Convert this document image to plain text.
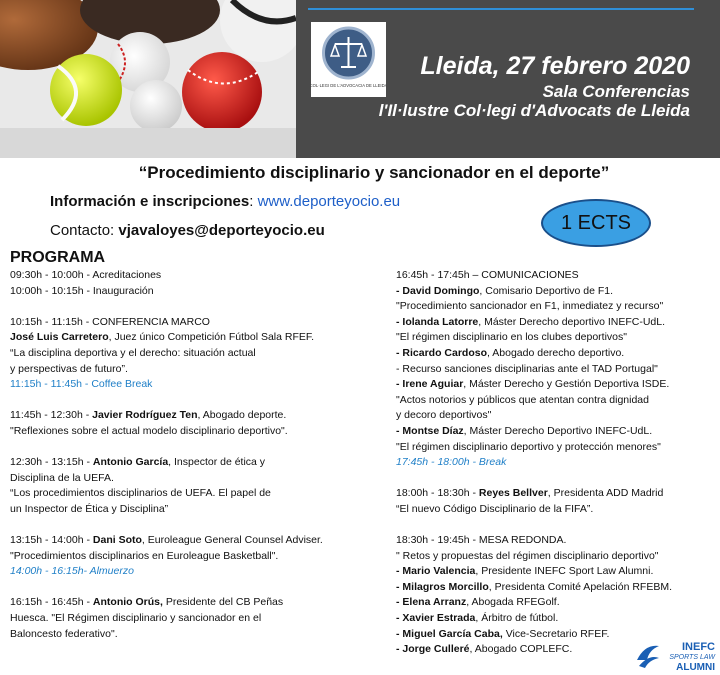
COL·LEGI DE L'ADVOCACIA DE LLEIDA
Lleida, 27 febrero 2020
Sala Conferencias
l'Il·lustre Col·legi d'Advocats de Lleida
“Procedimiento disciplinario y sancionador en el deporte”
Información e inscripciones: www.deporteyocio.eu
Contacto: vjavaloyes@deporteyocio.eu	1 ECTS
PROGRAMA

09:30h - 10:00h - Acreditaciones

10:00h - 10:15h - Inauguración

10:15h - 11:15h - CONFERENCIA MARCO

José Luis Carretero, Juez único Competición Fútbol Sala RFEF.

“La disciplina deportiva y el derecho: situación actual

y perspectivas de futuro”.

11:15h - 11:45h - Coffee Break

11:45h - 12:30h - Javier Rodríguez Ten, Abogado deporte.

"Reflexiones sobre el actual modelo disciplinario deportivo".

12:30h - 13:15h - Antonio García, Inspector de ética y

Disciplina de la UEFA.

“Los procedimientos disciplinarios de UEFA. El papel de

un Inspector de Ética y Disciplina”

13:15h - 14:00h - Dani Soto, Euroleague General Counsel Adviser.

"Procedimientos disciplinarios en Euroleague Basketball".

14:00h - 16:15h- Almuerzo

16:15h - 16:45h - Antonio Orús, Presidente del CB Peñas

Huesca. "El Régimen disciplinario y sancionador en el

Baloncesto federativo".

16:45h - 17:45h – COMUNICACIONES

- David Domingo, Comisario Deportivo de F1.

"Procedimiento sancionador en F1, inmediatez y recurso"

- Iolanda Latorre, Máster Derecho deportivo INEFC-UdL.

"El régimen disciplinario en los clubes deportivos"

- Ricardo Cardoso, Abogado derecho deportivo.

- Recurso sanciones disciplinarias ante el TAD Portugal"

- Irene Aguiar, Máster Derecho y Gestión Deportiva ISDE.

"Actos notorios y públicos que atentan contra dignidad

y decoro deportivos"

- Montse Díaz, Máster Derecho Deportivo INEFC-UdL.

"El régimen disciplinario deportivo y protección menores"

17:45h - 18:00h - Break

18:00h - 18:30h - Reyes Bellver, Presidenta ADD Madrid

“El nuevo Código Disciplinario de la FIFA”.

18:30h - 19:45h - MESA REDONDA.

" Retos y propuestas del régimen disciplinario deportivo"

- Mario Valencia, Presidente INEFC Sport Law Alumni.

- Milagros Morcillo, Presidenta Comité Apelación RFEBM.

- Elena Arranz, Abogada RFEGolf.

- Xavier Estrada, Árbitro de fútbol.

- Miguel García Caba, Vice-Secretario RFEF.

- Jorge Culleré, Abogado COPLEFC.	INEFC
SPORTS LAW
ALUMNI
